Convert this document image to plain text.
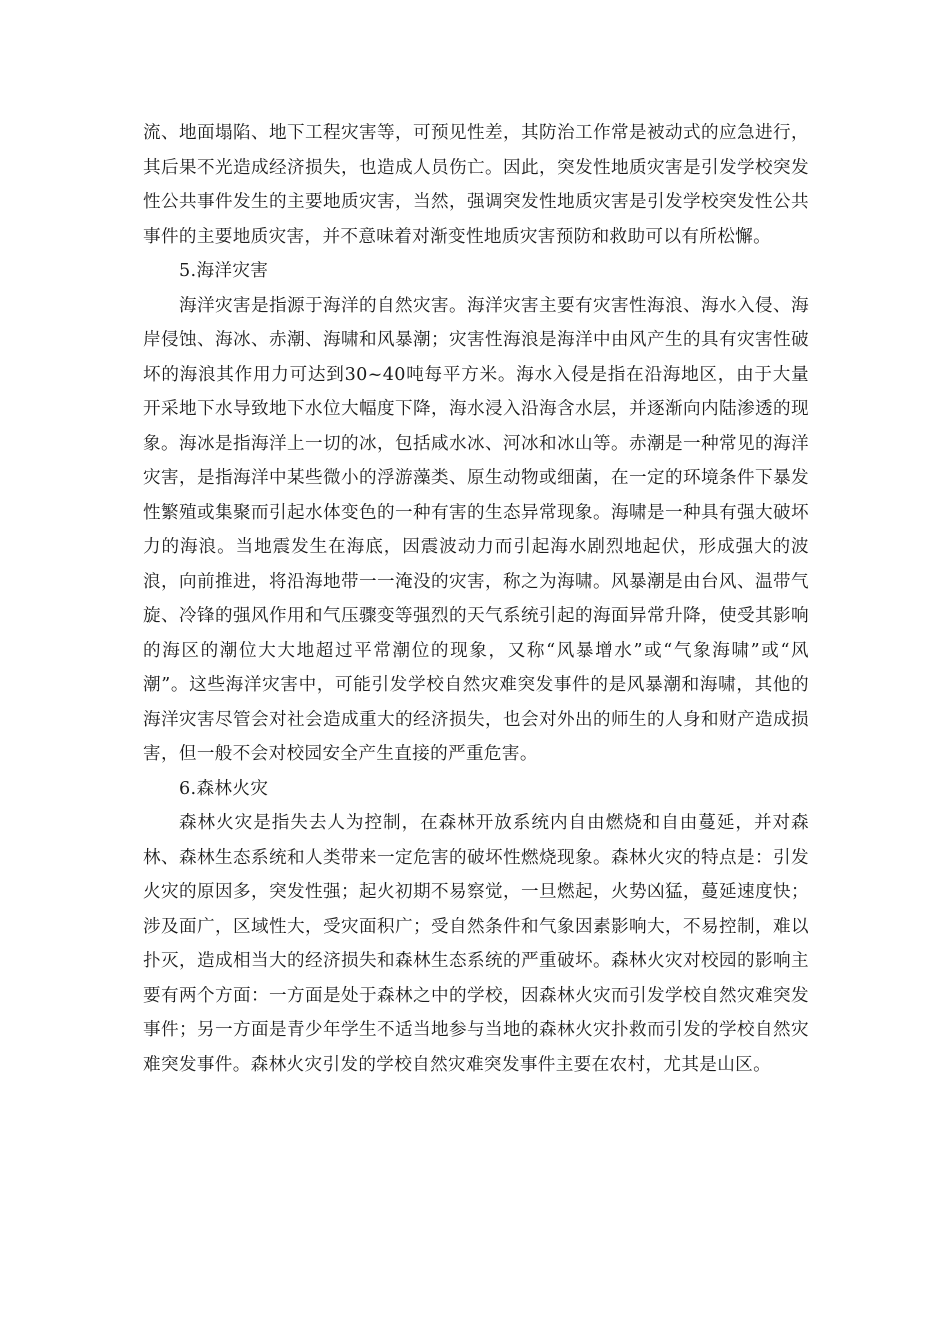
流、地面塌陷、地下工程灾害等，可预见性差，其防治工作常是被动式的应急进行，其后果不光造成经济损失，也造成人员伤亡。因此，突发性地质灾害是引发学校突发性公共事件发生的主要地质灾害，当然，强调突发性地质灾害是引发学校突发性公共事件的主要地质灾害，并不意味着对渐变性地质灾害预防和救助可以有所松懈。

5.海洋灾害

海洋灾害是指源于海洋的自然灾害。海洋灾害主要有灾害性海浪、海水入侵、海岸侵蚀、海冰、赤潮、海啸和风暴潮；灾害性海浪是海洋中由风产生的具有灾害性破坏的海浪其作用力可达到30~40吨每平方米。海水入侵是指在沿海地区，由于大量开采地下水导致地下水位大幅度下降，海水浸入沿海含水层，并逐渐向内陆渗透的现象。海冰是指海洋上一切的冰，包括咸水冰、河冰和冰山等。赤潮是一种常见的海洋灾害，是指海洋中某些微小的浮游藻类、原生动物或细菌，在一定的环境条件下暴发性繁殖或集聚而引起水体变色的一种有害的生态异常现象。海啸是一种具有强大破坏力的海浪。当地震发生在海底，因震波动力而引起海水剧烈地起伏，形成强大的波浪，向前推进，将沿海地带一一淹没的灾害，称之为海啸。风暴潮是由台风、温带气旋、冷锋的强风作用和气压骤变等强烈的天气系统引起的海面异常升降，使受其影响的海区的潮位大大地超过平常潮位的现象，又称“风暴增水”或“气象海啸”或“风潮”。这些海洋灾害中，可能引发学校自然灾难突发事件的是风暴潮和海啸，其他的海洋灾害尽管会对社会造成重大的经济损失，也会对外出的师生的人身和财产造成损害，但一般不会对校园安全产生直接的严重危害。

6.森林火灾

森林火灾是指失去人为控制，在森林开放系统内自由燃烧和自由蔓延，并对森林、森林生态系统和人类带来一定危害的破坏性燃烧现象。森林火灾的特点是：引发火灾的原因多，突发性强；起火初期不易察觉，一旦燃起，火势凶猛，蔓延速度快；涉及面广，区域性大，受灾面积广；受自然条件和气象因素影响大，不易控制，难以扑灭，造成相当大的经济损失和森林生态系统的严重破坏。森林火灾对校园的影响主要有两个方面：一方面是处于森林之中的学校，因森林火灾而引发学校自然灾难突发事件；另一方面是青少年学生不适当地参与当地的森林火灾扑救而引发的学校自然灾难突发事件。森林火灾引发的学校自然灾难突发事件主要在农村，尤其是山区。
